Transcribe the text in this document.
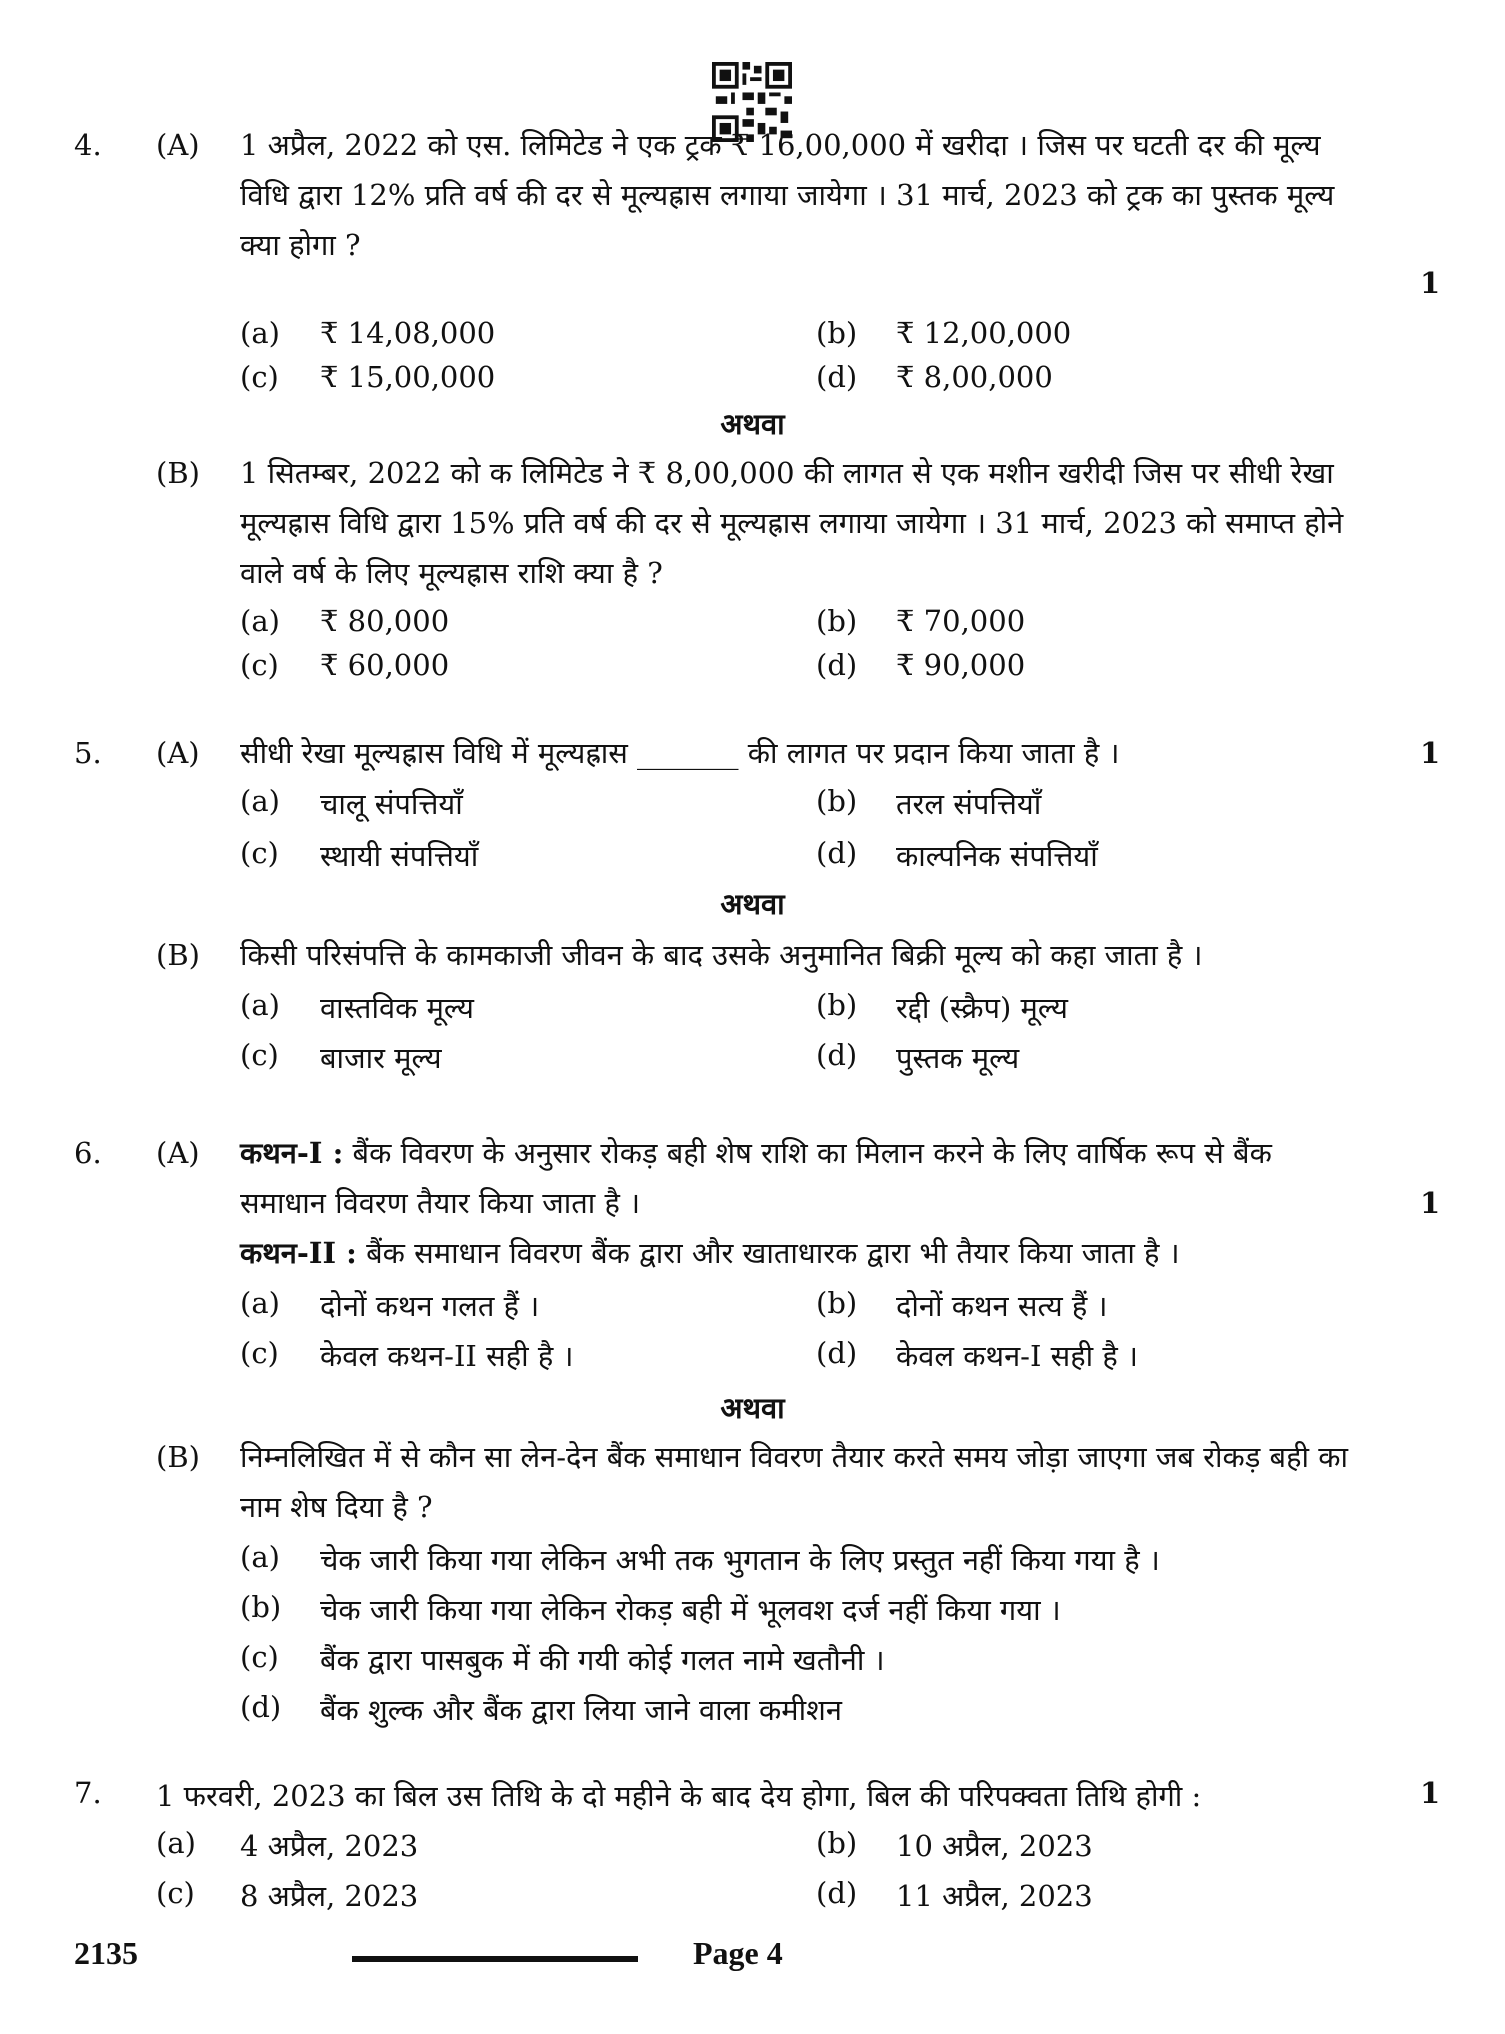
4. (A) 1 अप्रैल, 2022 को एस. लिमिटेड ने एक ट्रक ₹ 16,00,000 में खरीदा । जिस पर घटती दर की मूल्य विधि द्वारा 12% प्रति वर्ष की दर से मूल्यह्रास लगाया जायेगा । 31 मार्च, 2023 को ट्रक का पुस्तक मूल्य क्या होगा ?
1
(a) ₹ 14,08,000	(b) ₹ 12,00,000
(c) ₹ 15,00,000	(d) ₹ 8,00,000
अथवा
(B) 1 सितम्बर, 2022 को क लिमिटेड ने ₹ 8,00,000 की लागत से एक मशीन खरीदी जिस पर सीधी रेखा मूल्यह्रास विधि द्वारा 15% प्रति वर्ष की दर से मूल्यह्रास लगाया जायेगा । 31 मार्च, 2023 को समाप्त होने वाले वर्ष के लिए मूल्यह्रास राशि क्या है ?
(a) ₹ 80,000	(b) ₹ 70,000
(c) ₹ 60,000	(d) ₹ 90,000
5. (A) सीधी रेखा मूल्यह्रास विधि में मूल्यह्रास _______ की लागत पर प्रदान किया जाता है ।	1
(a) चालू संपत्तियाँ	(b) तरल संपत्तियाँ
(c) स्थायी संपत्तियाँ	(d) काल्पनिक संपत्तियाँ
अथवा
(B) किसी परिसंपत्ति के कामकाजी जीवन के बाद उसके अनुमानित बिक्री मूल्य को कहा जाता है ।
(a) वास्तविक मूल्य	(b) रद्दी (स्क्रैप) मूल्य
(c) बाजार मूल्य	(d) पुस्तक मूल्य
6. (A) कथन-I : बैंक विवरण के अनुसार रोकड़ बही शेष राशि का मिलान करने के लिए वार्षिक रूप से बैंक समाधान विवरण तैयार किया जाता है ।	1
कथन-II : बैंक समाधान विवरण बैंक द्वारा और खाताधारक द्वारा भी तैयार किया जाता है ।
(a) दोनों कथन गलत हैं ।	(b) दोनों कथन सत्य हैं ।
(c) केवल कथन-II सही है ।	(d) केवल कथन-I सही है ।
अथवा
(B) निम्नलिखित में से कौन सा लेन-देन बैंक समाधान विवरण तैयार करते समय जोड़ा जाएगा जब रोकड़ बही का नाम शेष दिया है ?
(a) चेक जारी किया गया लेकिन अभी तक भुगतान के लिए प्रस्तुत नहीं किया गया है ।
(b) चेक जारी किया गया लेकिन रोकड़ बही में भूलवश दर्ज नहीं किया गया ।
(c) बैंक द्वारा पासबुक में की गयी कोई गलत नामे खतौनी ।
(d) बैंक शुल्क और बैंक द्वारा लिया जाने वाला कमीशन
7. 1 फरवरी, 2023 का बिल उस तिथि के दो महीने के बाद देय होगा, बिल की परिपक्वता तिथि होगी :	1
(a) 4 अप्रैल, 2023	(b) 10 अप्रैल, 2023
(c) 8 अप्रैल, 2023	(d) 11 अप्रैल, 2023
2135	Page 4
